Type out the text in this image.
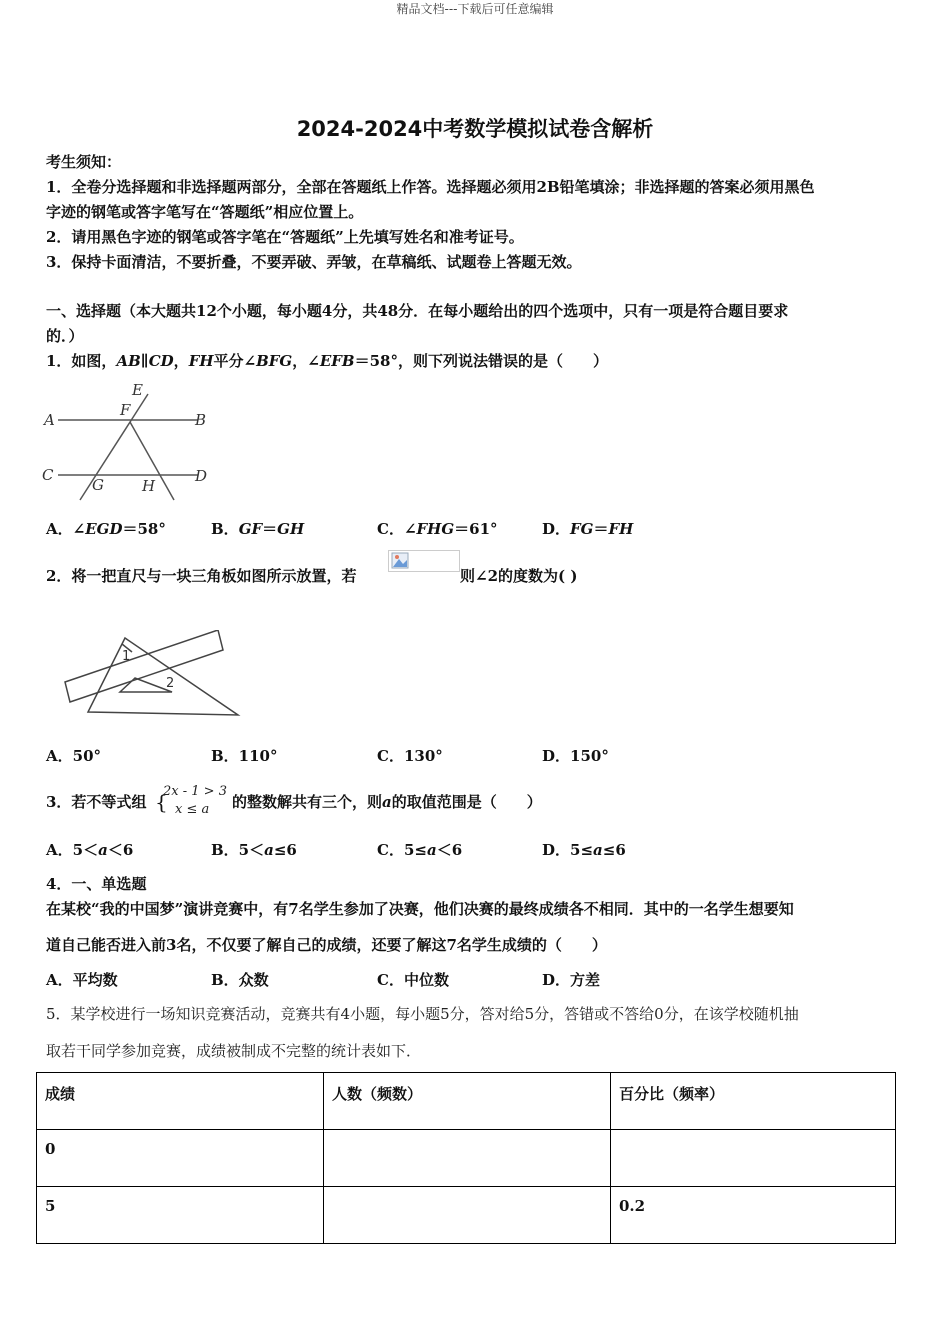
精品文档---下载后可任意编辑
2024-2024中考数学模拟试卷含解析
考生须知：
1．全卷分选择题和非选择题两部分，全部在答题纸上作答。选择题必须用2B铅笔填涂；非选择题的答案必须用黑色
字迹的钢笔或答字笔写在“答题纸”相应位置上。
2．请用黑色字迹的钢笔或答字笔在“答题纸”上先填写姓名和准考证号。
3．保持卡面清洁，不要折叠，不要弄破、弄皱，在草稿纸、试题卷上答题无效。
一、选择题（本大题共12个小题，每小题4分，共48分．在每小题给出的四个选项中，只有一项是符合题目要求
的．）
1．如图，AB∥CD，FH平分∠BFG，∠EFB＝58°，则下列说法错误的是（　　）
A	B
C	D
E
F
G	H
A．∠EGD＝58°	B．GF＝GH	C．∠FHG＝61°	D．FG＝FH
2．将一把直尺与一块三角板如图所示放置，若	则∠2的度数为( )
1
2
A．50°	B．110°	C．130°	D．150°
3．若不等式组 {
2x - 1 > 3
x ≤ a	的整数解共有三个，则a的取值范围是（　　）
A．5＜a＜6	B．5＜a≤6	C．5≤a＜6	D．5≤a≤6
4．一、单选题
在某校“我的中国梦”演讲竞赛中，有7名学生参加了决赛，他们决赛的最终成绩各不相同．其中的一名学生想要知
道自己能否进入前3名，不仅要了解自己的成绩，还要了解这7名学生成绩的（　　）
A．平均数	B．众数	C．中位数	D．方差
5．某学校进行一场知识竞赛活动，竞赛共有4小题，每小题5分，答对给5分，答错或不答给0分，在该学校随机抽
取若干同学参加竞赛，成绩被制成不完整的统计表如下．
成绩	人数（频数）	百分比（频率）
0		
5		0.2
